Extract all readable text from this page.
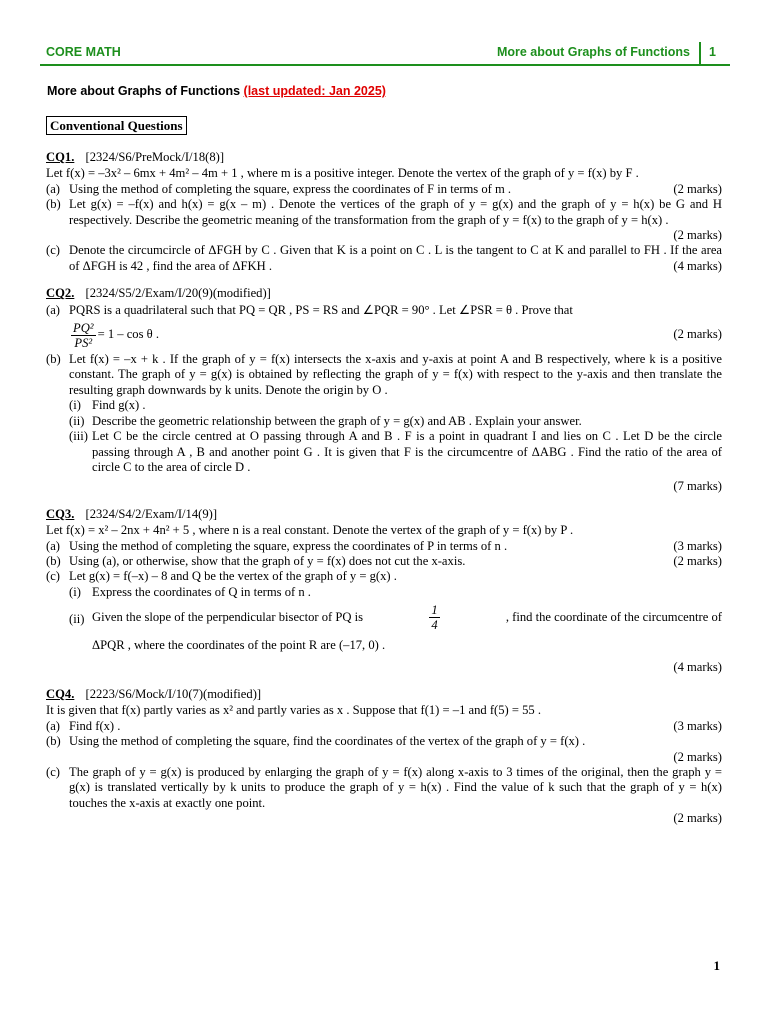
CORE MATH	More about Graphs of Functions 1
More about Graphs of Functions (last updated: Jan 2025)
Conventional Questions
CQ1. [2324/S6/PreMock/I/18(8)]
Let f(x) = –3x² – 6mx + 4m² – 4m + 1 , where m is a positive integer. Denote the vertex of the graph of y = f(x) by F .
(a)	(2 marks)
Using the method of completing the square, express the coordinates of F in terms of m .
(b) Let g(x) = –f(x) and h(x) = g(x – m) . Denote the vertices of the graph of y = g(x) and the graph of y = h(x) be G and H respectively. Describe the geometric meaning of the transformation from the graph of y = f(x) to the graph of y = h(x) .
(2 marks)
(c) Denote the circumcircle of ΔFGH by C . Given that K is a point on C . L is the tangent to C at K and parallel to FH . If the area of ΔFGH is 42 , find the area of ΔFKH .	(4 marks)
CQ2. [2324/S5/2/Exam/I/20(9)(modified)]
(a) PQRS is a quadrilateral such that PQ = QR , PS = RS and ∠PQR = 90° . Let ∠PSR = θ . Prove that
$\frac{\text{PQ²}}{\text{PS²}} = 1 - \cos \theta$ .	(2 marks)
(b) Let f(x) = –x + k . If the graph of y = f(x) intersects the x-axis and y-axis at point A and B respectively, where k is a positive constant. The graph of y = g(x) is obtained by reflecting the graph of y = f(x) with respect to the y-axis and then translate the resulting graph downwards by k units. Denote the origin by O .
(i) Find g(x) .
(ii) Describe the geometric relationship between the graph of y = g(x) and AB . Explain your answer.
(iii) Let C be the circle centred at O passing through A and B . F is a point in quadrant I and lies on C . Let D be the circle passing through A , B and another point G . It is given that F is the circumcentre of ΔABG . Find the ratio of the area of circle C to the area of circle D .
(7 marks)
CQ3. [2324/S4/2/Exam/I/14(9)]
Let f(x) = x² – 2nx + 4n² + 5 , where n is a real constant. Denote the vertex of the graph of y = f(x) by P .
(a)	(3 marks)
Using the method of completing the square, express the coordinates of P in terms of n .
(b)	(2 marks)
Using (a), or otherwise, show that the graph of y = f(x) does not cut the x-axis.
(c) Let g(x) = f(–x) – 8 and Q be the vertex of the graph of y = g(x) .
(i) Express the coordinates of Q in terms of n .
(ii) Given the slope of the perpendicular bisector of PQ is	$\frac{1}{4}$	, find the coordinate of the circumcentre of
ΔPQR , where the coordinates of the point R are (–17, 0) .
(4 marks)
CQ4. [2223/S6/Mock/I/10(7)(modified)]
It is given that f(x) partly varies as x² and partly varies as x . Suppose that f(1) = –1 and f(5) = 55 .
(a)	(3 marks)
Find f(x) .
(b) Using the method of completing the square, find the coordinates of the vertex of the graph of y = f(x) .
(2 marks)
(c) The graph of y = g(x) is produced by enlarging the graph of y = f(x) along x-axis to 3 times of the original, then the graph y = g(x) is translated vertically by k units to produce the graph of y = h(x) . Find the value of k such that the graph of y = h(x) touches the x-axis at exactly one point.
(2 marks)
1
